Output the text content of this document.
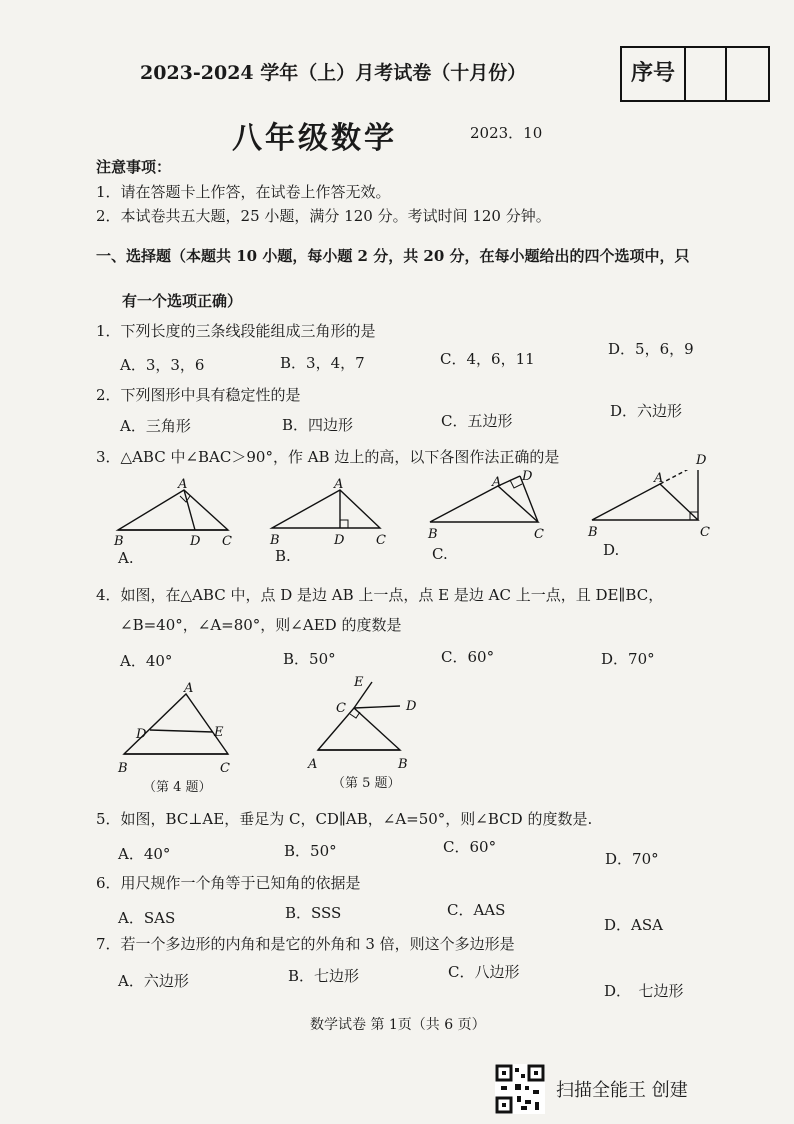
2023-2024 学年（上）月考试卷（十月份）	序号
八年级数学	2023．10
注意事项：
1．请在答题卡上作答，在试卷上作答无效。
2．本试卷共五大题，25 小题，满分 120 分。考试时间 120 分钟。
一、选择题（本题共 10 小题，每小题 2 分，共 20 分，在每小题给出的四个选项中，只
有一个选项正确）
1．下列长度的三条线段能组成三角形的是
A．3，3，6	B．3，4，7	C．4，6，11
D．5，6，9
2．下列图形中具有稳定性的是
A．三角形	B．四边形	C．五边形
D．六边形
3．△ABC 中∠BAC＞90°，作 AB 边上的高，以下各图作法正确的是
A
B	D C
A
B	D C
A D
B	C
A
B	C
D
A.	B.	C.	D.
4．如图，在△ABC 中，点 D 是边 AB 上一点，点 E 是边 AC 上一点，且 DE∥BC，
∠B=40°，∠A=80°，则∠AED 的度数是
A．40°	B．50°	C．60°	D．70°
A
D	E
B	C
E
C	D
A	B
（第 4 题）	（第 5 题）
5．如图，BC⊥AE，垂足为 C，CD∥AB，∠A=50°，则∠BCD 的度数是.
A．40°	B．50°	C．60°
D．70°
6．用尺规作一个角等于已知角的依据是
A．SAS	B．SSS	C．AAS
D．ASA
7．若一个多边形的内角和是它的外角和 3 倍，则这个多边形是
A．六边形	B．七边形	C．八边形
D．　七边形
数学试卷 第 1页（共 6 页）
扫描全能王 创建
